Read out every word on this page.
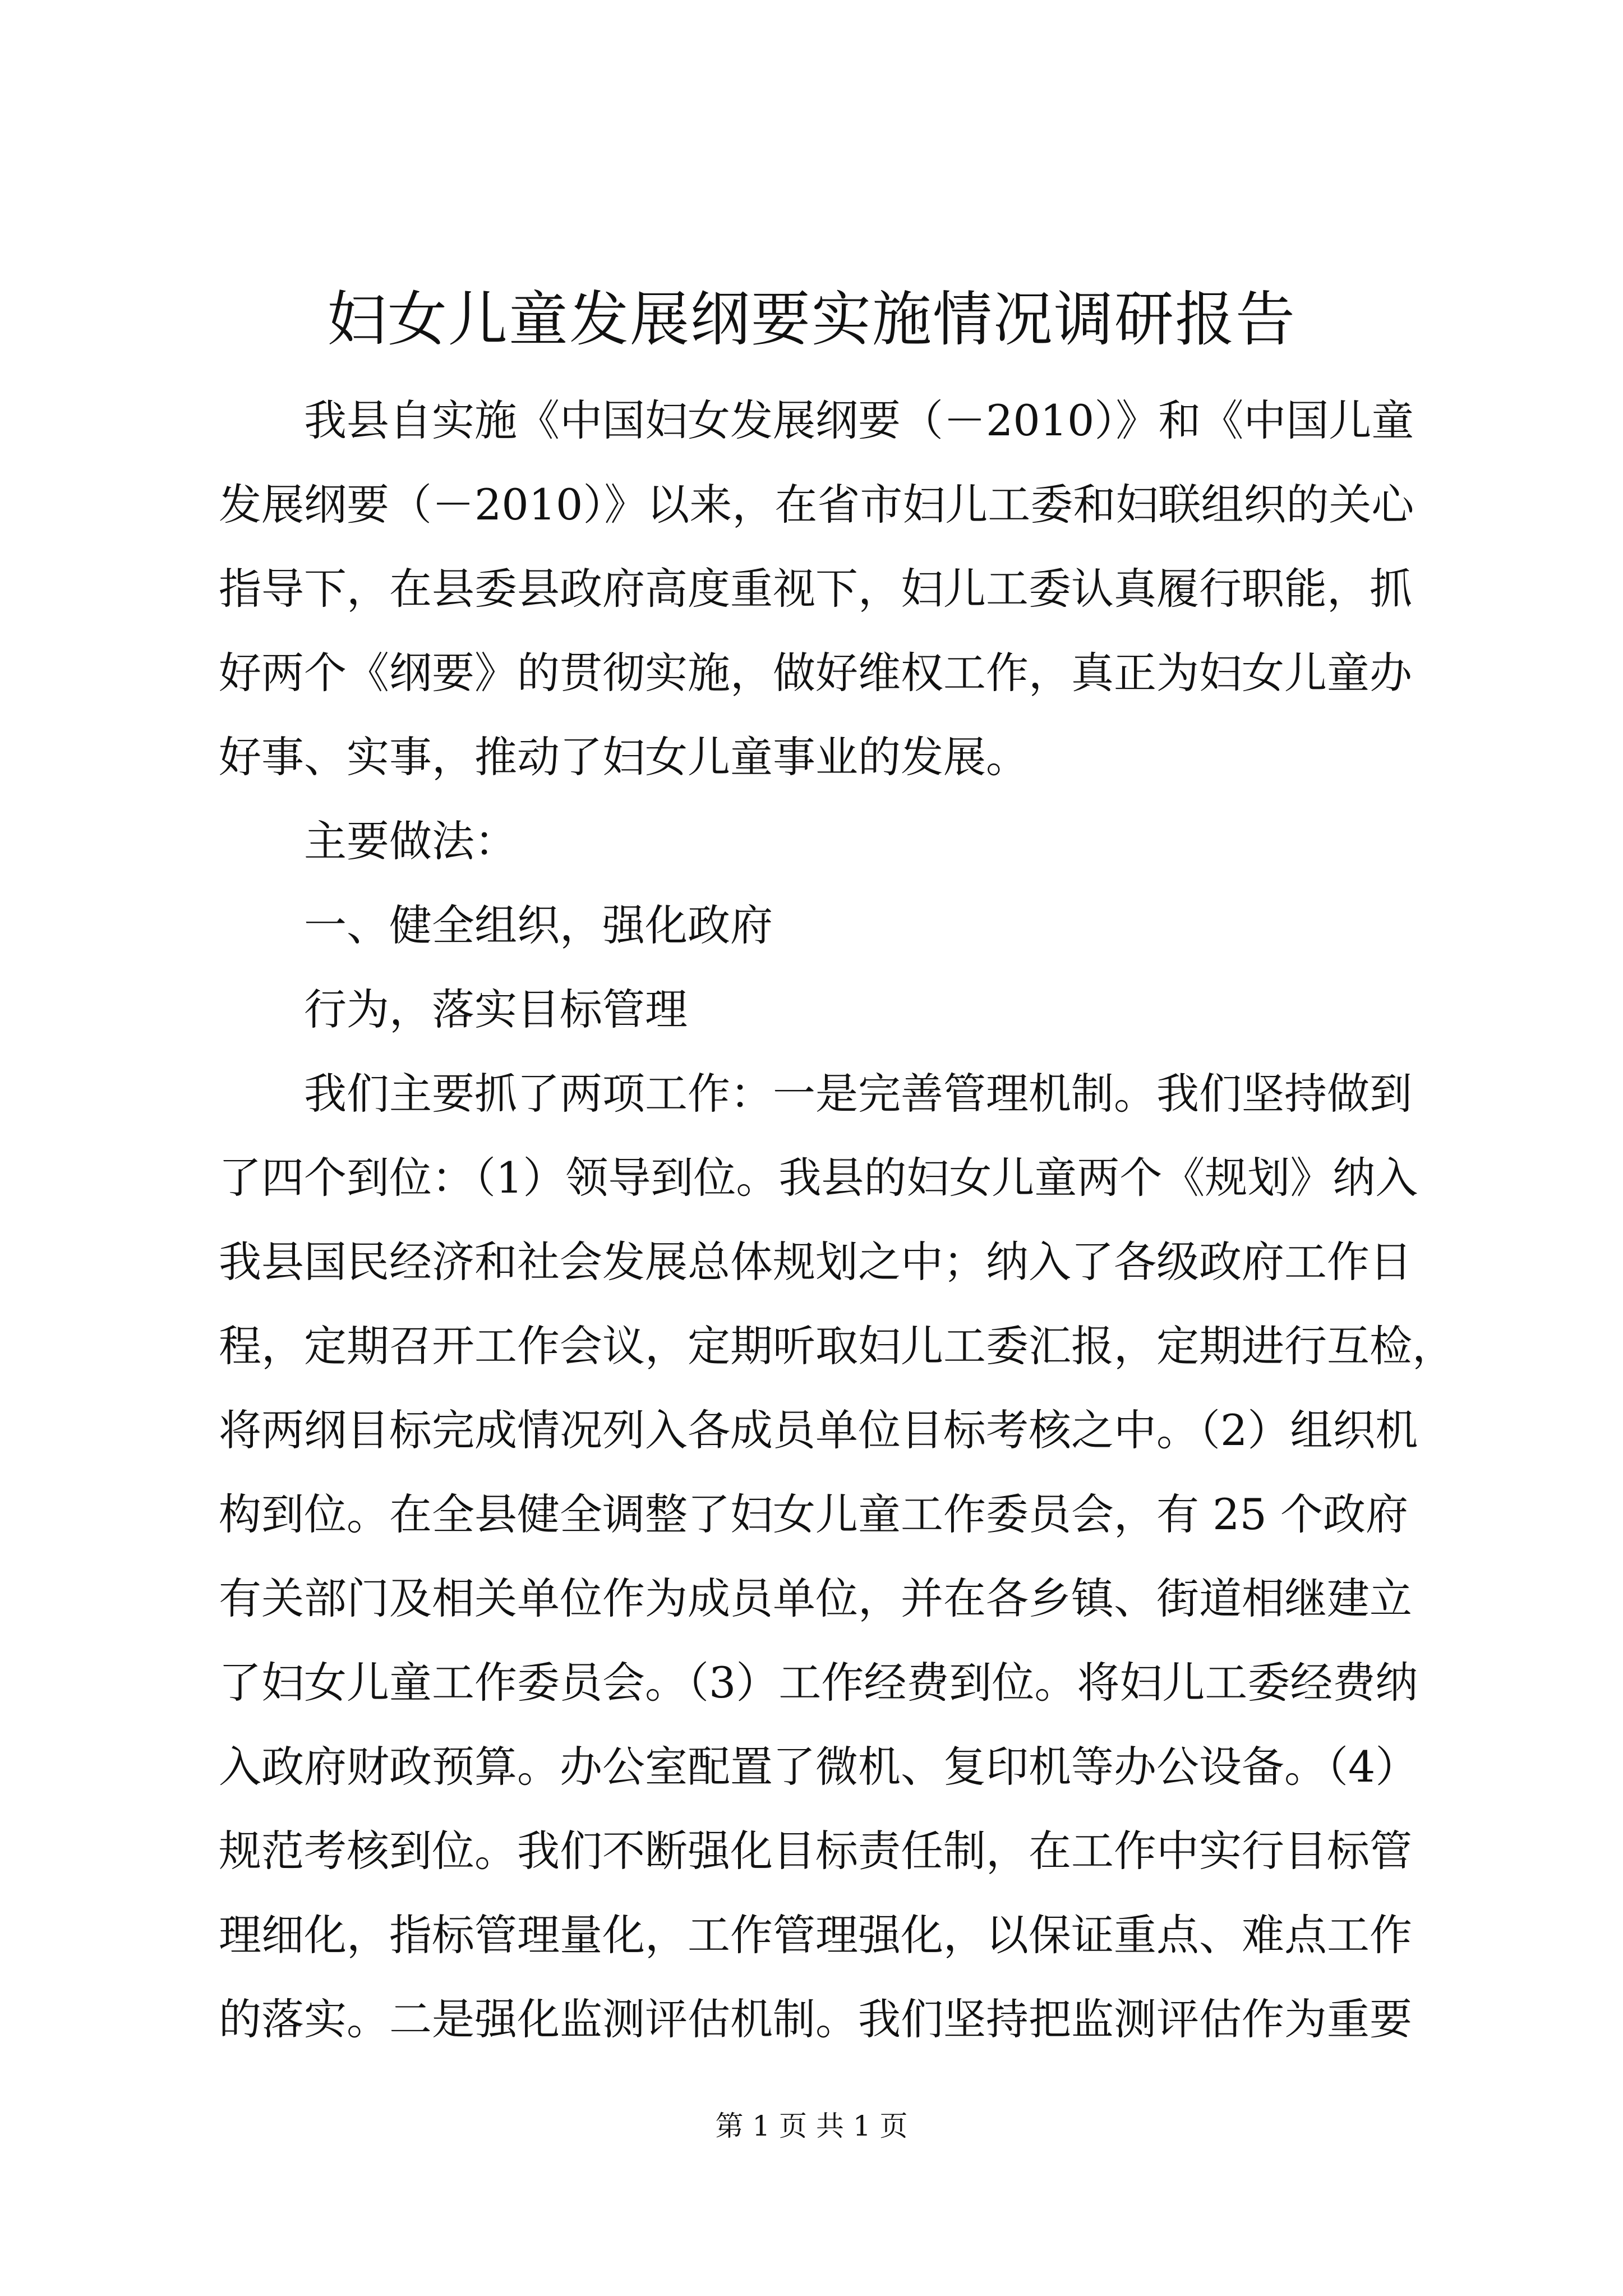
妇女儿童发展纲要实施情况调研报告
我县自实施《中国妇女发展纲要（－2010）》和《中国儿童
发展纲要（－2010）》以来，在省市妇儿工委和妇联组织的关心
指导下，在县委县政府高度重视下，妇儿工委认真履行职能，抓
好两个《纲要》的贯彻实施，做好维权工作，真正为妇女儿童办
好事、实事，推动了妇女儿童事业的发展。
主要做法：
一、健全组织，强化政府
行为，落实目标管理
我们主要抓了两项工作：一是完善管理机制。我们坚持做到
了四个到位：（1）领导到位。我县的妇女儿童两个《规划》纳入
我县国民经济和社会发展总体规划之中；纳入了各级政府工作日
程，定期召开工作会议，定期听取妇儿工委汇报，定期进行互检，
将两纲目标完成情况列入各成员单位目标考核之中。（2）组织机
构到位。在全县健全调整了妇女儿童工作委员会，有 25 个政府
有关部门及相关单位作为成员单位，并在各乡镇、街道相继建立
了妇女儿童工作委员会。（3）工作经费到位。将妇儿工委经费纳
入政府财政预算。办公室配置了微机、复印机等办公设备。（4）
规范考核到位。我们不断强化目标责任制，在工作中实行目标管
理细化，指标管理量化，工作管理强化，以保证重点、难点工作
的落实。二是强化监测评估机制。我们坚持把监测评估作为重要
第 1 页 共 1 页
